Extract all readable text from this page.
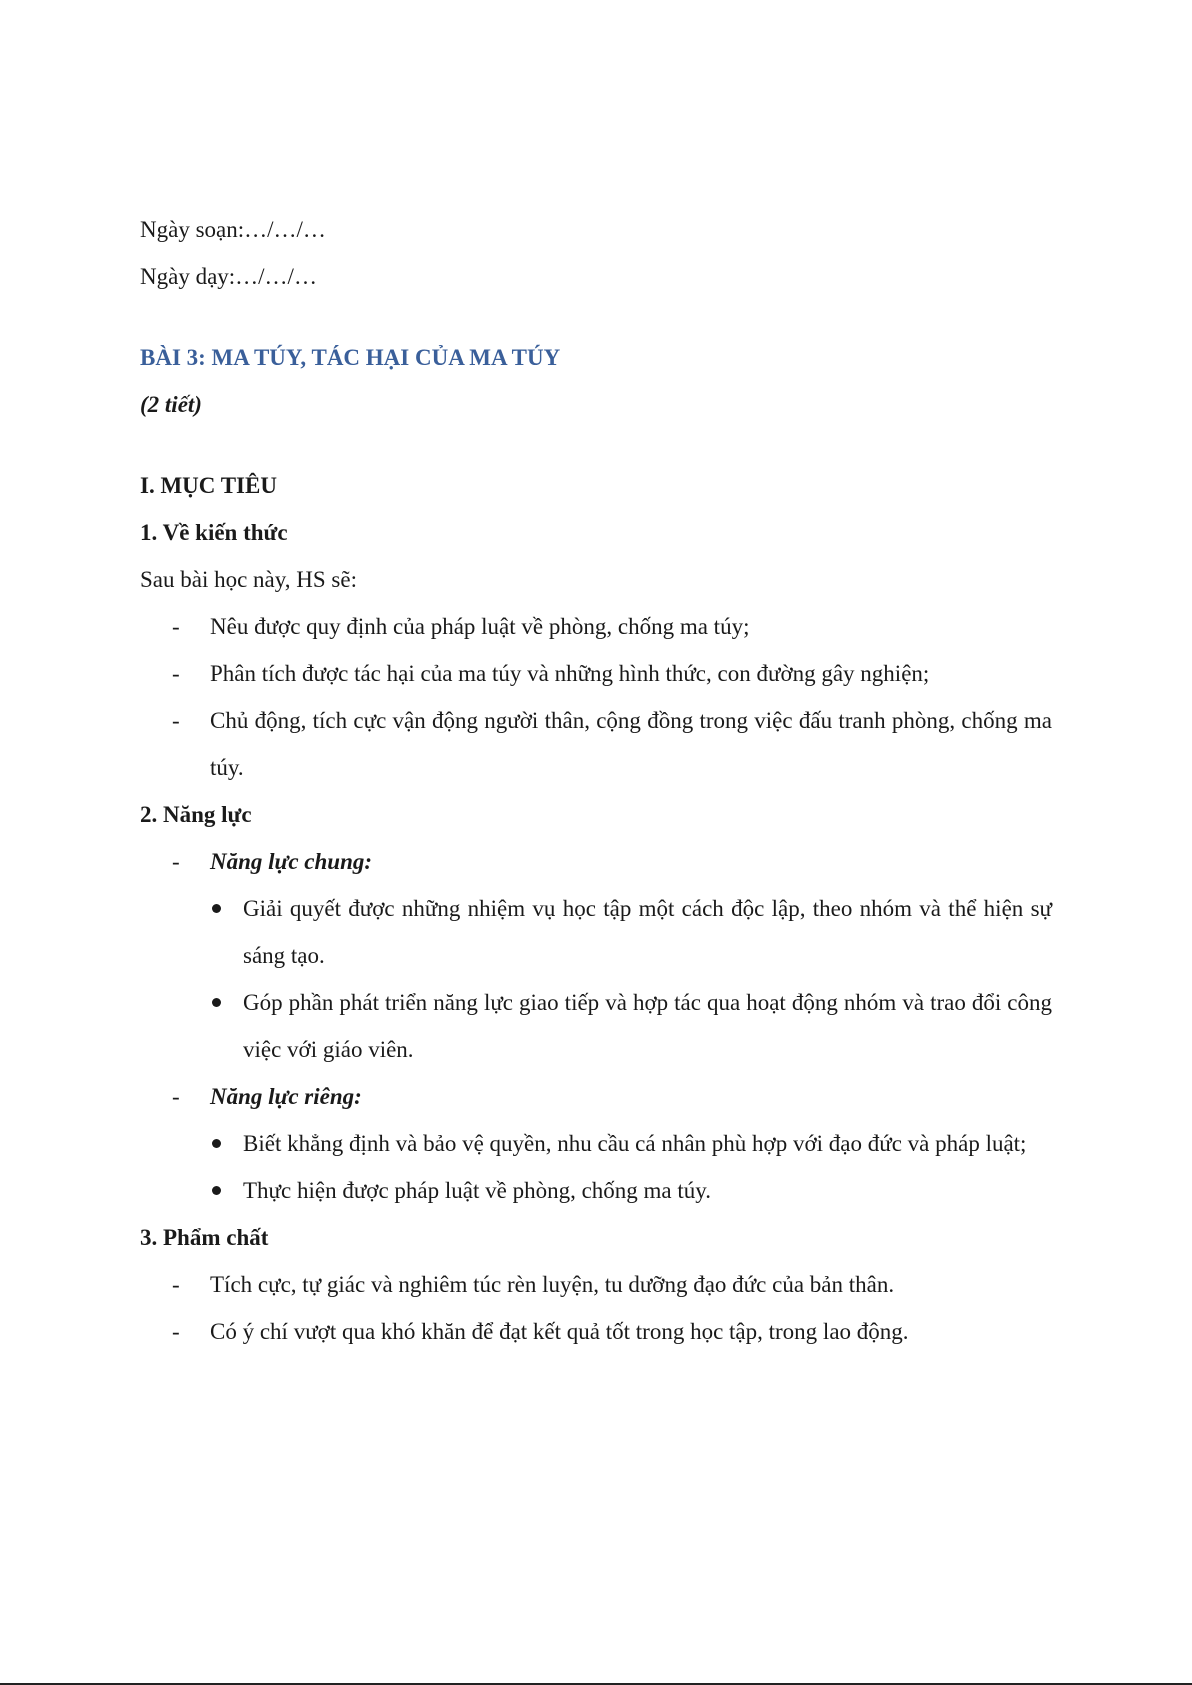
Ngày soạn:…/…/…

Ngày dạy:…/…/…

BÀI 3: MA TÚY, TÁC HẠI CỦA MA TÚY

(2 tiết)

I. MỤC TIÊU

1. Về kiến thức

Sau bài học này, HS sẽ:

- Nêu được quy định của pháp luật về phòng, chống ma túy;
- Phân tích được tác hại của ma túy và những hình thức, con đường gây nghiện;
- Chủ động, tích cực vận động người thân, cộng đồng trong việc đấu tranh phòng, chống ma túy.

2. Năng lực

- Năng lực chung:
Giải quyết được những nhiệm vụ học tập một cách độc lập, theo nhóm và thể hiện sự sáng tạo.
Góp phần phát triển năng lực giao tiếp và hợp tác qua hoạt động nhóm và trao đổi công việc với giáo viên.
- Năng lực riêng:
Biết khẳng định và bảo vệ quyền, nhu cầu cá nhân phù hợp với đạo đức và pháp luật;
Thực hiện được pháp luật về phòng, chống ma túy.

3. Phẩm chất

- Tích cực, tự giác và nghiêm túc rèn luyện, tu dưỡng đạo đức của bản thân.
- Có ý chí vượt qua khó khăn để đạt kết quả tốt trong học tập, trong lao động.
